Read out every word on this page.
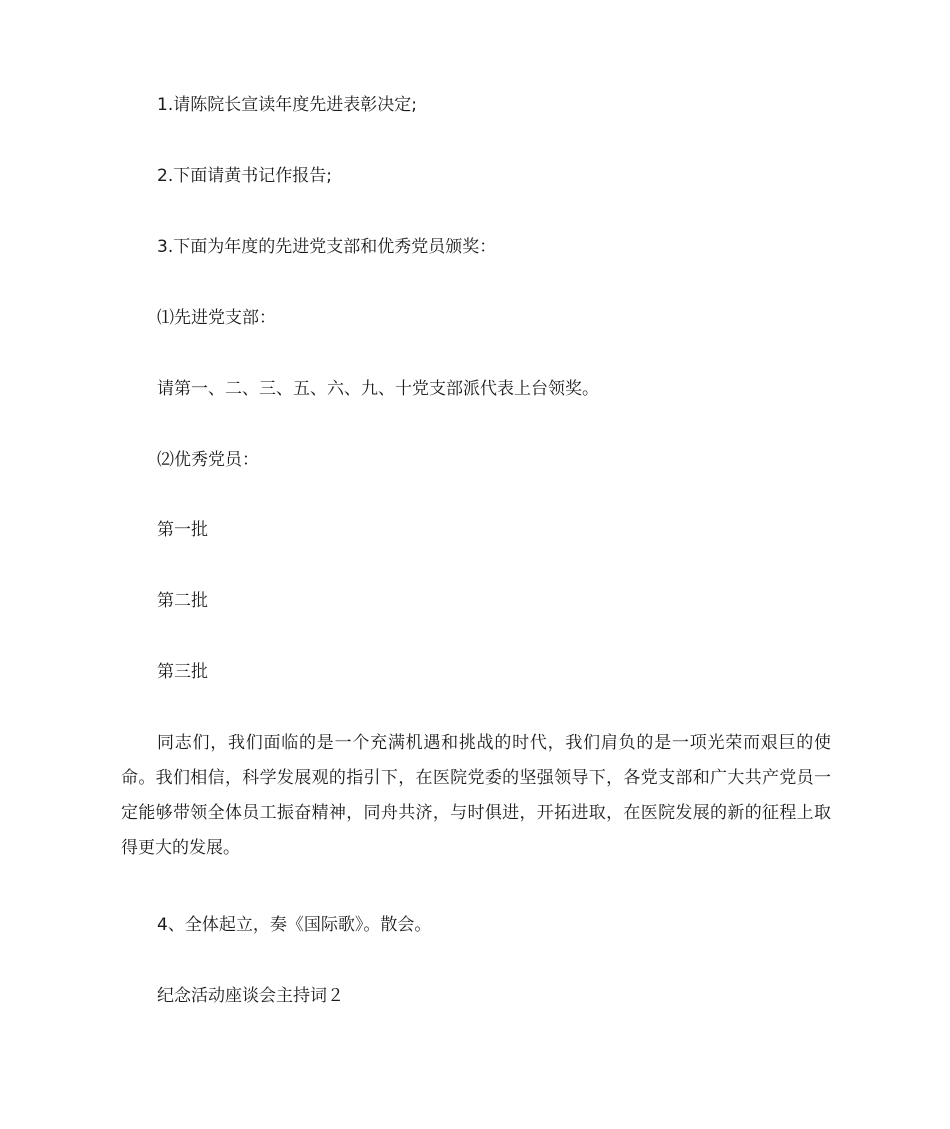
1.请陈院长宣读年度先进表彰决定;

2.下面请黄书记作报告;

3.下面为年度的先进党支部和优秀党员颁奖：

⑴先进党支部：

请第一、二、三、五、六、九、十党支部派代表上台领奖。

⑵优秀党员：

第一批

第二批

第三批

同志们，我们面临的是一个充满机遇和挑战的时代，我们肩负的是一项光荣而艰巨的使命。我们相信，科学发展观的指引下，在医院党委的坚强领导下，各党支部和广大共产党员一定能够带领全体员工振奋精神，同舟共济，与时俱进，开拓进取，在医院发展的新的征程上取得更大的发展。

4、全体起立，奏《国际歌》。散会。

纪念活动座谈会主持词２
